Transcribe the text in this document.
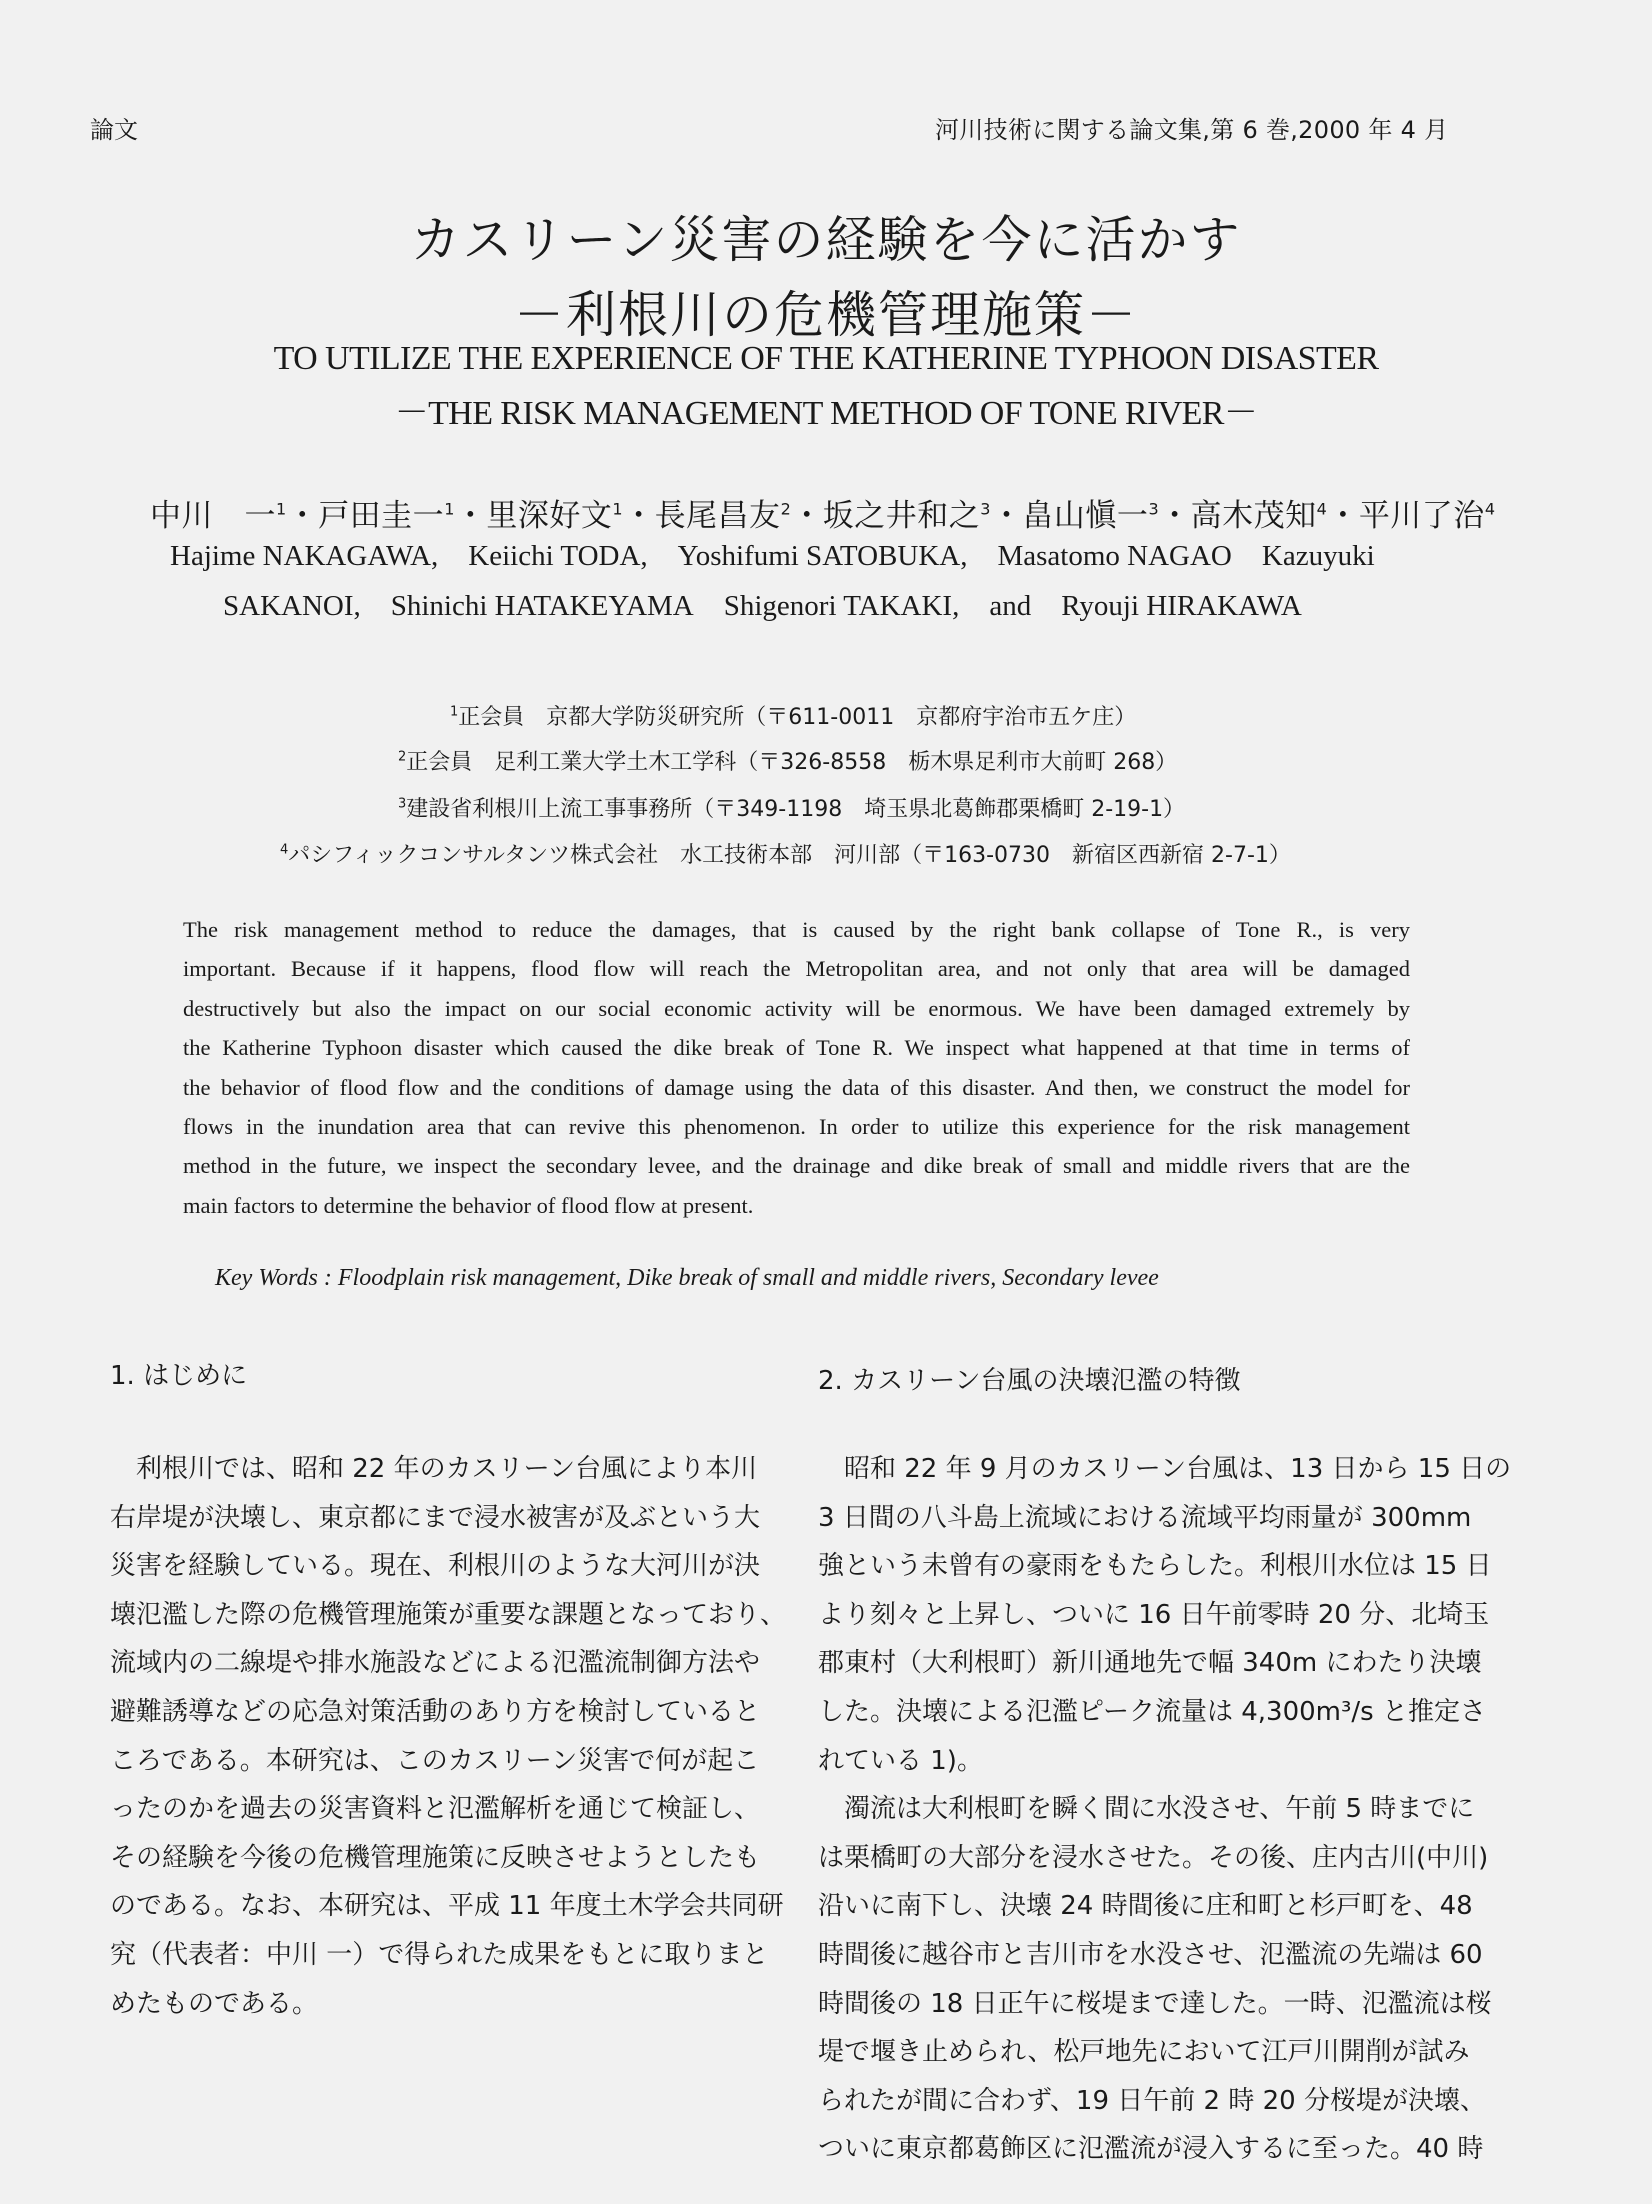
論文	河川技術に関する論文集,第 6 巻,2000 年 4 月
カスリーン災害の経験を今に活かす
－利根川の危機管理施策－
TO UTILIZE THE EXPERIENCE OF THE KATHERINE TYPHOON DISASTER
－THE RISK MANAGEMENT METHOD OF TONE RIVER－
中川　一$^1$・戸田圭一$^1$・里深好文$^1$・長尾昌友$^2$・坂之井和之$^3$・畠山愼一$^3$・高木茂知$^4$・平川了治$^4$
Hajime NAKAGAWA, Keiichi TODA, Yoshifumi SATOBUKA, Masatomo NAGAO Kazuyuki
SAKANOI, Shinichi HATAKEYAMA Shigenori TAKAKI, and Ryouji HIRAKAWA
$^1$正会員　京都大学防災研究所（〒611-0011　京都府宇治市五ケ庄）
$^2$正会員　足利工業大学土木工学科（〒326-8558　栃木県足利市大前町 268）
$^3$建設省利根川上流工事事務所（〒349-1198　埼玉県北葛飾郡栗橋町 2-19-1）
$^4$パシフィックコンサルタンツ株式会社　水工技術本部　河川部（〒163-0730　新宿区西新宿 2-7-1）
The risk management method to reduce the damages, that is caused by the right bank collapse of Tone R., is very
important. Because if it happens, flood flow will reach the Metropolitan area, and not only that area will be damaged
destructively but also the impact on our social economic activity will be enormous. We have been damaged extremely by
the Katherine Typhoon disaster which caused the dike break of Tone R. We inspect what happened at that time in terms of
the behavior of flood flow and the conditions of damage using the data of this disaster. And then, we construct the model for
flows in the inundation area that can revive this phenomenon. In order to utilize this experience for the risk management
method in the future, we inspect the secondary levee, and the drainage and dike break of small and middle rivers that are the
main factors to determine the behavior of flood flow at present.
Key Words : Floodplain risk management, Dike break of small and middle rivers, Secondary levee
1. はじめに
　利根川では、昭和 22 年のカスリーン台風により本川
右岸堤が決壊し、東京都にまで浸水被害が及ぶという大
災害を経験している。現在、利根川のような大河川が決
壊氾濫した際の危機管理施策が重要な課題となっており、
流域内の二線堤や排水施設などによる氾濫流制御方法や
避難誘導などの応急対策活動のあり方を検討していると
ころである。本研究は、このカスリーン災害で何が起こ
ったのかを過去の災害資料と氾濫解析を通じて検証し、
その経験を今後の危機管理施策に反映させようとしたも
のである。なお、本研究は、平成 11 年度土木学会共同研
究（代表者：中川 一）で得られた成果をもとに取りまと
めたものである。
2. カスリーン台風の決壊氾濫の特徴
　昭和 22 年 9 月のカスリーン台風は、13 日から 15 日の
3 日間の八斗島上流域における流域平均雨量が 300mm
強という未曾有の豪雨をもたらした。利根川水位は 15 日
より刻々と上昇し、ついに 16 日午前零時 20 分、北埼玉
郡東村（大利根町）新川通地先で幅 340m にわたり決壊
した。決壊による氾濫ピーク流量は 4,300m³/s と推定さ
れている 1)。
　濁流は大利根町を瞬く間に水没させ、午前 5 時までに
は栗橋町の大部分を浸水させた。その後、庄内古川(中川)
沿いに南下し、決壊 24 時間後に庄和町と杉戸町を、48
時間後に越谷市と吉川市を水没させ、氾濫流の先端は 60
時間後の 18 日正午に桜堤まで達した。一時、氾濫流は桜
堤で堰き止められ、松戸地先において江戸川開削が試み
られたが間に合わず、19 日午前 2 時 20 分桜堤が決壊、
ついに東京都葛飾区に氾濫流が浸入するに至った。40 時
